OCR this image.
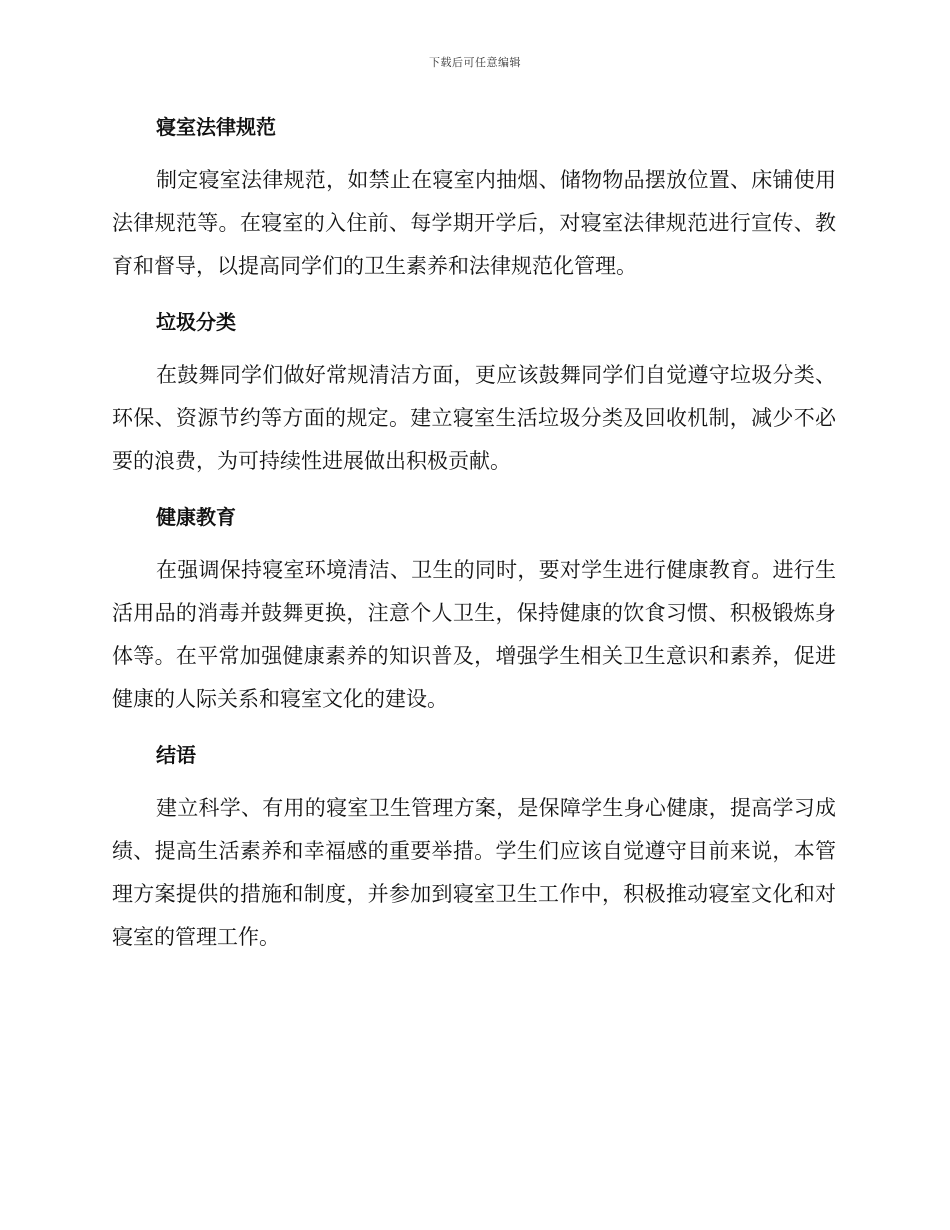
下载后可任意编辑
寝室法律规范

制定寝室法律规范，如禁止在寝室内抽烟、储物物品摆放位置、床铺使用法律规范等。在寝室的入住前、每学期开学后，对寝室法律规范进行宣传、教育和督导，以提高同学们的卫生素养和法律规范化管理。

垃圾分类

在鼓舞同学们做好常规清洁方面，更应该鼓舞同学们自觉遵守垃圾分类、环保、资源节约等方面的规定。建立寝室生活垃圾分类及回收机制，减少不必要的浪费，为可持续性进展做出积极贡献。

健康教育

在强调保持寝室环境清洁、卫生的同时，要对学生进行健康教育。进行生活用品的消毒并鼓舞更换，注意个人卫生，保持健康的饮食习惯、积极锻炼身体等。在平常加强健康素养的知识普及，增强学生相关卫生意识和素养，促进健康的人际关系和寝室文化的建设。

结语

建立科学、有用的寝室卫生管理方案，是保障学生身心健康，提高学习成绩、提高生活素养和幸福感的重要举措。学生们应该自觉遵守目前来说，本管理方案提供的措施和制度，并参加到寝室卫生工作中，积极推动寝室文化和对寝室的管理工作。
